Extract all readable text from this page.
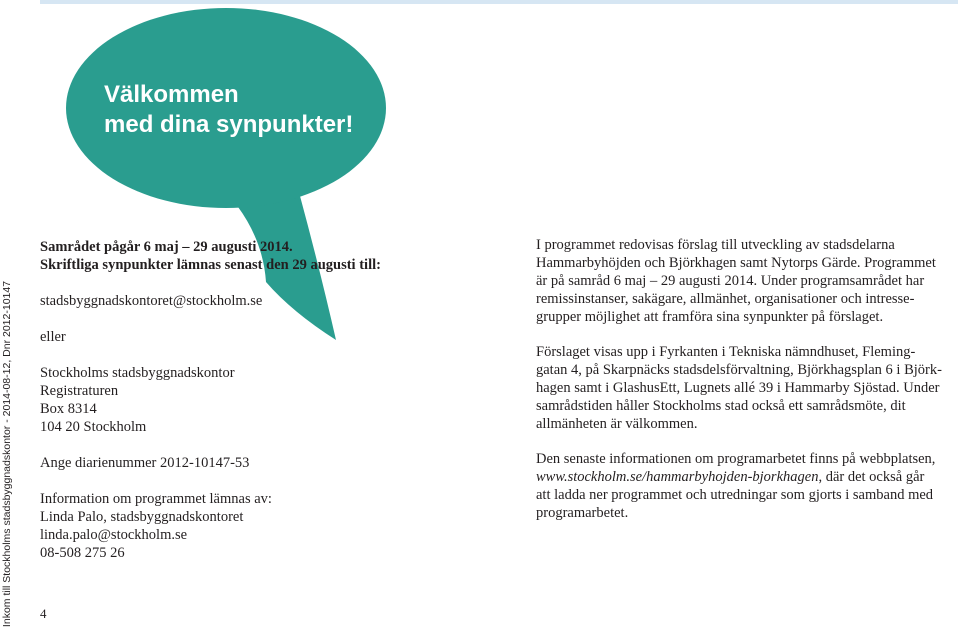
Inkom till Stockholms stadsbyggnadskontor - 2014-08-12, Dnr 2012-10147
Välkommen
med dina synpunkter!

Samrådet pågår 6 maj – 29 augusti 2014.

Skriftliga synpunkter lämnas senast den 29 augusti till:

stadsbyggnadskontoret@stockholm.se

eller

Stockholms stadsbyggnadskontor

Registraturen

Box 8314

104 20 Stockholm

Ange diarienummer 2012-10147-53

Information om programmet lämnas av:

Linda Palo, stadsbyggnadskontoret

linda.palo@stockholm.se

08-508 275 26

I programmet redovisas förslag till utveckling av stadsdelarna

Hammarbyhöjden och Björkhagen samt Nytorps Gärde. Programmet

är på samråd 6 maj – 29 augusti 2014. Under programsamrådet har

remissinstanser, sakägare, allmänhet, organisationer och intresse-

grupper möjlighet att framföra sina synpunkter på förslaget.

Förslaget visas upp i Fyrkanten i Tekniska nämndhuset, Fleming-

gatan 4, på Skarpnäcks stadsdelsförvaltning, Björkhagsplan 6 i Björk-

hagen samt i GlashusEtt, Lugnets allé 39 i Hammarby Sjöstad. Under

samrådstiden håller Stockholms stad också ett samrådsmöte, dit

allmänheten är välkommen.

Den senaste informationen om programarbetet finns på webbplatsen,

www.stockholm.se/hammarbyhojden-bjorkhagen, där det också går

att ladda ner programmet och utredningar som gjorts i samband med

programarbetet.

4
